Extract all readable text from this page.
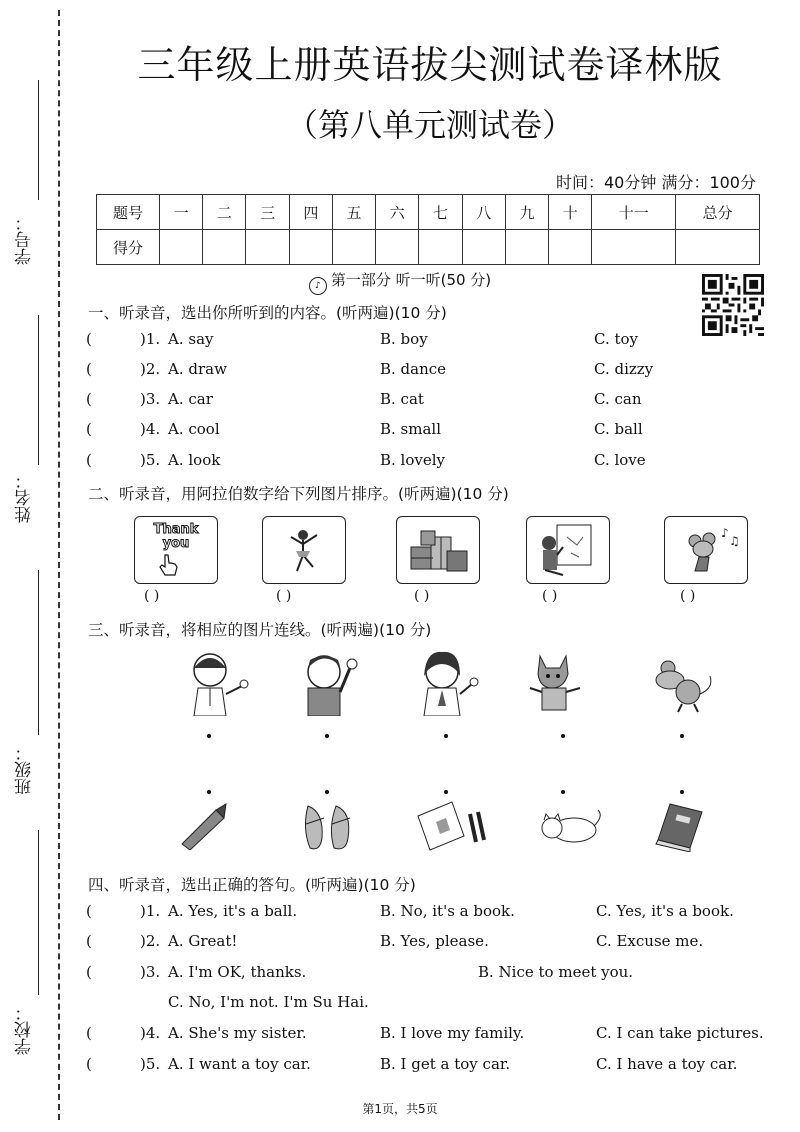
学号：
姓名：
班级：
学校：
三年级上册英语拔尖测试卷译林版
（第八单元测试卷）
时间：40分钟 满分：100分
题号	一	二	三	四	五	六	七	八	九	十	十一	总分
得分												
♪ 第一部分 听一听(50 分)
一、听录音，选出你所听到的内容。(听两遍)(10 分)
(	)1. A. say	B. boy	C. toy
(	)2. A. draw	B. dance	C. dizzy
(	)3. A. car	B. cat	C. can
(	)4. A. cool	B. small	C. ball
(	)5. A. look	B. lovely	C. love
二、听录音，用阿拉伯数字给下列图片排序。(听两遍)(10 分)
Thank you
♪
♫
( )	( )	( )	( )	( )
三、听录音，将相应的图片连线。(听两遍)(10 分)
四、听录音，选出正确的答句。(听两遍)(10 分)
(	)1. A. Yes, it's a ball.	B. No, it's a book.	C. Yes, it's a book.
(	)2. A. Great!	B. Yes, please.	C. Excuse me.
(	)3. A. I'm OK, thanks.	B. Nice to meet you.
C. No, I'm not. I'm Su Hai.
(	)4. A. She's my sister.	B. I love my family.	C. I can take pictures.
(	)5. A. I want a toy car.	B. I get a toy car.	C. I have a toy car.
第1页，共5页
